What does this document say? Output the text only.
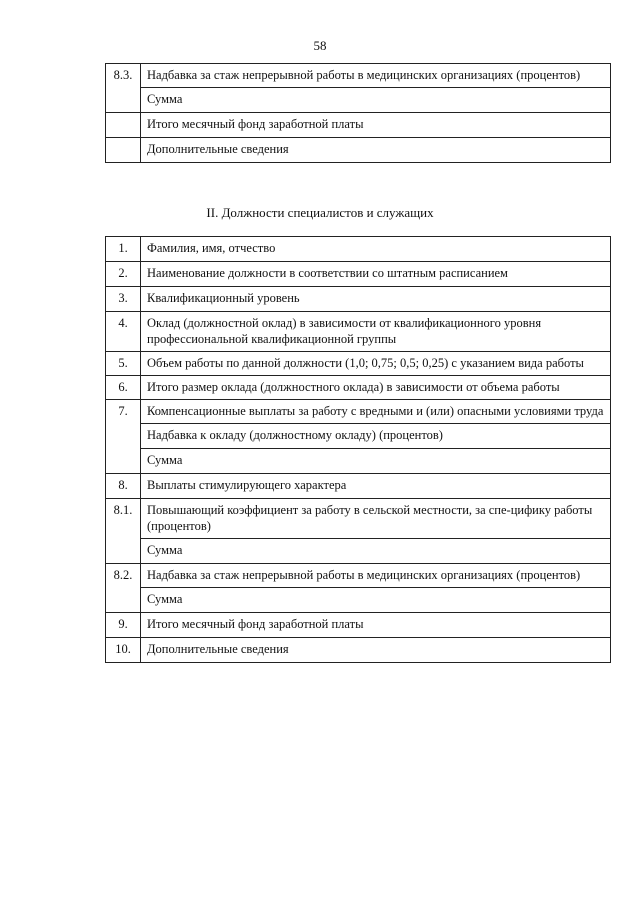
58
8.3.	Надбавка за стаж непрерывной работы в медицинских организациях (процентов)
	Сумма
	Итого месячный фонд заработной платы
	Дополнительные сведения
II. Должности специалистов и служащих
1.	Фамилия, имя, отчество
2.	Наименование должности в соответствии со штатным расписанием
3.	Квалификационный уровень
4.	Оклад (должностной оклад) в зависимости от квалификационного уровня профессиональной квалификационной группы
5.	Объем работы по данной должности (1,0; 0,75; 0,5; 0,25) с указанием вида работы
6.	Итого размер оклада (должностного оклада) в зависимости от объема работы
7.	Компенсационные выплаты за работу с вредными и (или) опасными условиями труда
	Надбавка к окладу (должностному окладу) (процентов)
	Сумма
8.	Выплаты стимулирующего характера
8.1.	Повышающий коэффициент за работу в сельской местности, за спе-цифику работы (процентов)
	Сумма
8.2.	Надбавка за стаж непрерывной работы в медицинских организациях (процентов)
	Сумма
9.	Итого месячный фонд заработной платы
10.	Дополнительные сведения
